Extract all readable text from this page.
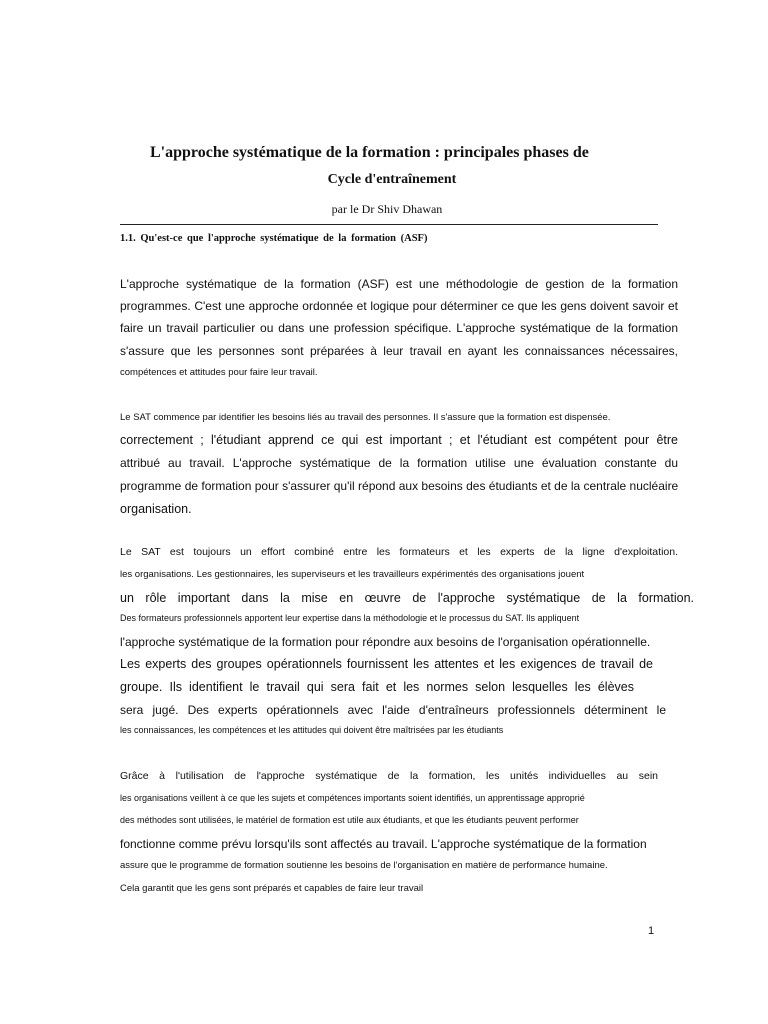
L'approche systématique de la formation : principales phases de
Cycle d'entraînement

par le Dr Shiv Dhawan

1.1. Qu'est-ce que l'approche systématique de la formation (ASF)

L'approche systématique de la formation (ASF) est une méthodologie de gestion de la formation

programmes. C'est une approche ordonnée et logique pour déterminer ce que les gens doivent savoir et

faire un travail particulier ou dans une profession spécifique. L'approche systématique de la formation

s'assure que les personnes sont préparées à leur travail en ayant les connaissances nécessaires,

compétences et attitudes pour faire leur travail.

Le SAT commence par identifier les besoins liés au travail des personnes. Il s'assure que la formation est dispensée.

correctement ; l'étudiant apprend ce qui est important ; et l'étudiant est compétent pour être

attribué au travail. L'approche systématique de la formation utilise une évaluation constante du

programme de formation pour s'assurer qu'il répond aux besoins des étudiants et de la centrale nucléaire

organisation.

Le SAT est toujours un effort combiné entre les formateurs et les experts de la ligne d'exploitation.

les organisations. Les gestionnaires, les superviseurs et les travailleurs expérimentés des organisations jouent

un rôle important dans la mise en œuvre de l'approche systématique de la formation.

Des formateurs professionnels apportent leur expertise dans la méthodologie et le processus du SAT. Ils appliquent

l'approche systématique de la formation pour répondre aux besoins de l'organisation opérationnelle.

Les experts des groupes opérationnels fournissent les attentes et les exigences de travail de

groupe. Ils identifient le travail qui sera fait et les normes selon lesquelles les élèves

sera jugé. Des experts opérationnels avec l'aide d'entraîneurs professionnels déterminent le

les connaissances, les compétences et les attitudes qui doivent être maîtrisées par les étudiants

Grâce à l'utilisation de l'approche systématique de la formation, les unités individuelles au sein

les organisations veillent à ce que les sujets et compétences importants soient identifiés, un apprentissage approprié

des méthodes sont utilisées, le matériel de formation est utile aux étudiants, et que les étudiants peuvent performer

fonctionne comme prévu lorsqu'ils sont affectés au travail. L'approche systématique de la formation

assure que le programme de formation soutienne les besoins de l'organisation en matière de performance humaine.

Cela garantit que les gens sont préparés et capables de faire leur travail

1
